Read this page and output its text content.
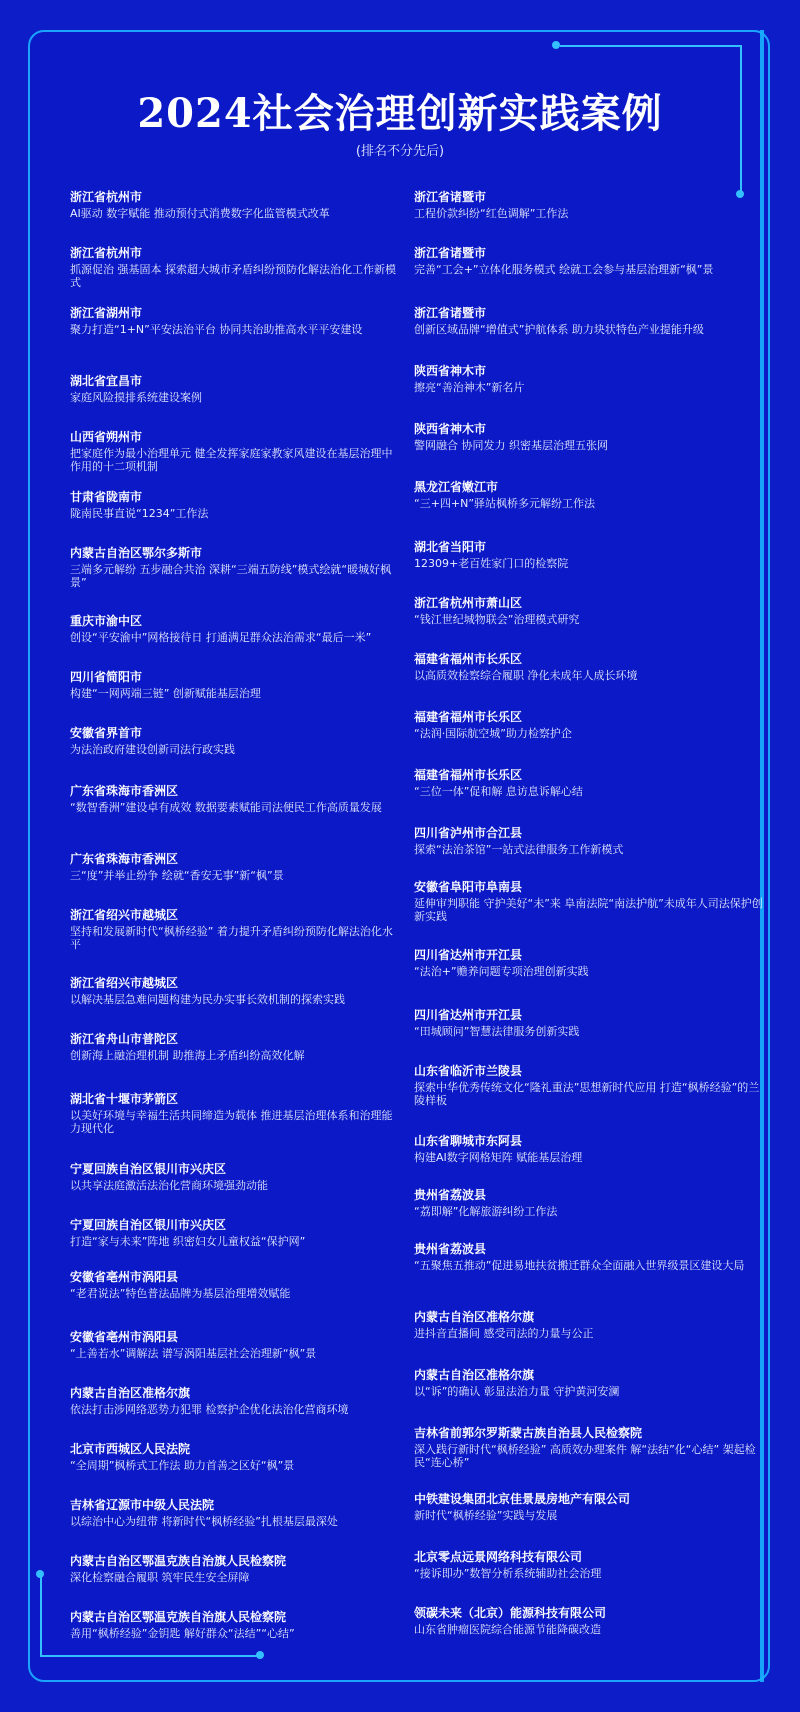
2024社会治理创新实践案例
(排名不分先后)
浙江省杭州市
AI驱动 数字赋能 推动预付式消费数字化监管模式改革
浙江省杭州市
抓源促治 强基固本 探索超大城市矛盾纠纷预防化解法治化工作新模式
浙江省湖州市
聚力打造“1+N”平安法治平台 协同共治助推高水平平安建设
湖北省宜昌市
家庭风险摸排系统建设案例
山西省朔州市
把家庭作为最小治理单元 健全发挥家庭家教家风建设在基层治理中作用的十二项机制
甘肃省陇南市
陇南民事直说“1234”工作法
内蒙古自治区鄂尔多斯市
三端多元解纷 五步融合共治 深耕“三端五防线”模式绘就“暖城好枫景”
重庆市渝中区
创设“平安渝中”网格接待日 打通满足群众法治需求“最后一米”
四川省简阳市
构建“一网两端三链” 创新赋能基层治理
安徽省界首市
为法治政府建设创新司法行政实践
广东省珠海市香洲区
“数智香洲”建设卓有成效 数据要素赋能司法便民工作高质量发展
广东省珠海市香洲区
三“度”并举止纷争 绘就“香安无事”新“枫”景
浙江省绍兴市越城区
坚持和发展新时代“枫桥经验” 着力提升矛盾纠纷预防化解法治化水平
浙江省绍兴市越城区
以解决基层急难问题构建为民办实事长效机制的探索实践
浙江省舟山市普陀区
创新海上融治理机制 助推海上矛盾纠纷高效化解
湖北省十堰市茅箭区
以美好环境与幸福生活共同缔造为载体 推进基层治理体系和治理能力现代化
宁夏回族自治区银川市兴庆区
以共享法庭激活法治化营商环境强劲动能
宁夏回族自治区银川市兴庆区
打造“家与未来”阵地 织密妇女儿童权益“保护网”
安徽省亳州市涡阳县
“老君说法”特色普法品牌为基层治理增效赋能
安徽省亳州市涡阳县
“上善若水”调解法 谱写涡阳基层社会治理新“枫”景
内蒙古自治区准格尔旗
依法打击涉网络恶势力犯罪 检察护企优化法治化营商环境
北京市西城区人民法院
“全周期”枫桥式工作法 助力首善之区好“枫”景
吉林省辽源市中级人民法院
以综治中心为纽带 将新时代“枫桥经验”扎根基层最深处
内蒙古自治区鄂温克族自治旗人民检察院
深化检察融合履职 筑牢民生安全屏障
内蒙古自治区鄂温克族自治旗人民检察院
善用“枫桥经验”金钥匙 解好群众“法结”“心结”
浙江省诸暨市
工程价款纠纷“红色调解”工作法
浙江省诸暨市
完善“工会+”立体化服务模式 绘就工会参与基层治理新“枫”景
浙江省诸暨市
创新区域品牌“增值式”护航体系 助力块状特色产业提能升级
陕西省神木市
擦亮“善治神木”新名片
陕西省神木市
警网融合 协同发力 织密基层治理五张网
黑龙江省嫩江市
“三+四+N”驿站枫桥多元解纷工作法
湖北省当阳市
12309+老百姓家门口的检察院
浙江省杭州市萧山区
“钱江世纪城物联会”治理模式研究
福建省福州市长乐区
以高质效检察综合履职 净化未成年人成长环境
福建省福州市长乐区
“法润·国际航空城”助力检察护企
福建省福州市长乐区
“三位一体”促和解 息访息诉解心结
四川省泸州市合江县
探索“法治茶馆”一站式法律服务工作新模式
安徽省阜阳市阜南县
延伸审判职能 守护美好“未”来 阜南法院“南法护航”未成年人司法保护创新实践
四川省达州市开江县
“法治+”赡养问题专项治理创新实践
四川省达州市开江县
“田城顾问”智慧法律服务创新实践
山东省临沂市兰陵县
探索中华优秀传统文化“隆礼重法”思想新时代应用 打造“枫桥经验”的兰陵样板
山东省聊城市东阿县
构建AI数字网格矩阵 赋能基层治理
贵州省荔波县
“荔即解”化解旅游纠纷工作法
贵州省荔波县
“五聚焦五推动”促进易地扶贫搬迁群众全面融入世界级景区建设大局
内蒙古自治区准格尔旗
进抖音直播间 感受司法的力量与公正
内蒙古自治区准格尔旗
以“诉”的确认 彰显法治力量 守护黄河安澜
吉林省前郭尔罗斯蒙古族自治县人民检察院
深入践行新时代“枫桥经验” 高质效办理案件 解“法结”化“心结” 架起检民“连心桥”
中铁建设集团北京佳景晟房地产有限公司
新时代“枫桥经验”实践与发展
北京零点远景网络科技有限公司
“接诉即办”数智分析系统辅助社会治理
领碳未来（北京）能源科技有限公司
山东省肿瘤医院综合能源节能降碳改造
